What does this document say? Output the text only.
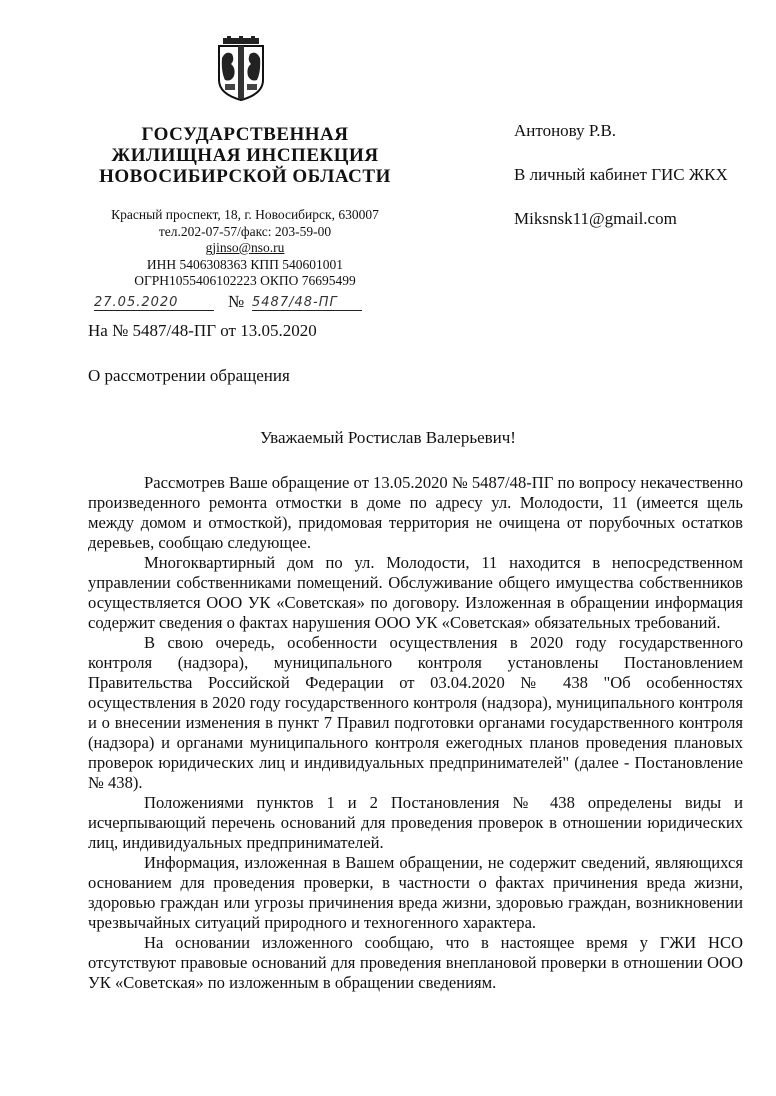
ГОСУДАРСТВЕННАЯ
ЖИЛИЩНАЯ ИНСПЕКЦИЯ
НОВОСИБИРСКОЙ ОБЛАСТИ
Красный проспект, 18, г. Новосибирск, 630007
тел.202-07-57/факс: 203-59-00
gjinso@nso.ru
ИНН 5406308363 КПП 540601001
ОГРН1055406102223 ОКПО 76695499
27.05.2020	№ 5487/48-ПГ
Антонову Р.В.
В личный кабинет ГИС ЖКХ
Miksnsk11@gmail.com
На № 5487/48-ПГ от 13.05.2020
О рассмотрении обращения
Уважаемый Ростислав Валерьевич!

Рассмотрев Ваше обращение от 13.05.2020 № 5487/48-ПГ по вопросу некачественно произведенного ремонта отмостки в доме по адресу ул. Молодости, 11 (имеется щель между домом и отмосткой), придомовая территория не очищена от порубочных остатков деревьев, сообщаю следующее.

Многоквартирный дом по ул. Молодости, 11 находится в непосредственном управлении собственниками помещений. Обслуживание общего имущества собственников осуществляется ООО УК «Советская» по договору. Изложенная в обращении информация содержит сведения о фактах нарушения ООО УК «Советская» обязательных требований.

В свою очередь, особенности осуществления в 2020 году государственного контроля (надзора), муниципального контроля установлены Постановлением Правительства Российской Федерации от 03.04.2020 № 438 "Об особенностях осуществления в 2020 году государственного контроля (надзора), муниципального контроля и о внесении изменения в пункт 7 Правил подготовки органами государственного контроля (надзора) и органами муниципального контроля ежегодных планов проведения плановых проверок юридических лиц и индивидуальных предпринимателей" (далее - Постановление № 438).

Положениями пунктов 1 и 2 Постановления № 438 определены виды и исчерпывающий перечень оснований для проведения проверок в отношении юридических лиц, индивидуальных предпринимателей.

Информация, изложенная в Вашем обращении, не содержит сведений, являющихся основанием для проведения проверки, в частности о фактах причинения вреда жизни, здоровью граждан или угрозы причинения вреда жизни, здоровью граждан, возникновении чрезвычайных ситуаций природного и техногенного характера.

На основании изложенного сообщаю, что в настоящее время у ГЖИ НСО отсутствуют правовые оснований для проведения внеплановой проверки в отношении ООО УК «Советская» по изложенным в обращении сведениям.
